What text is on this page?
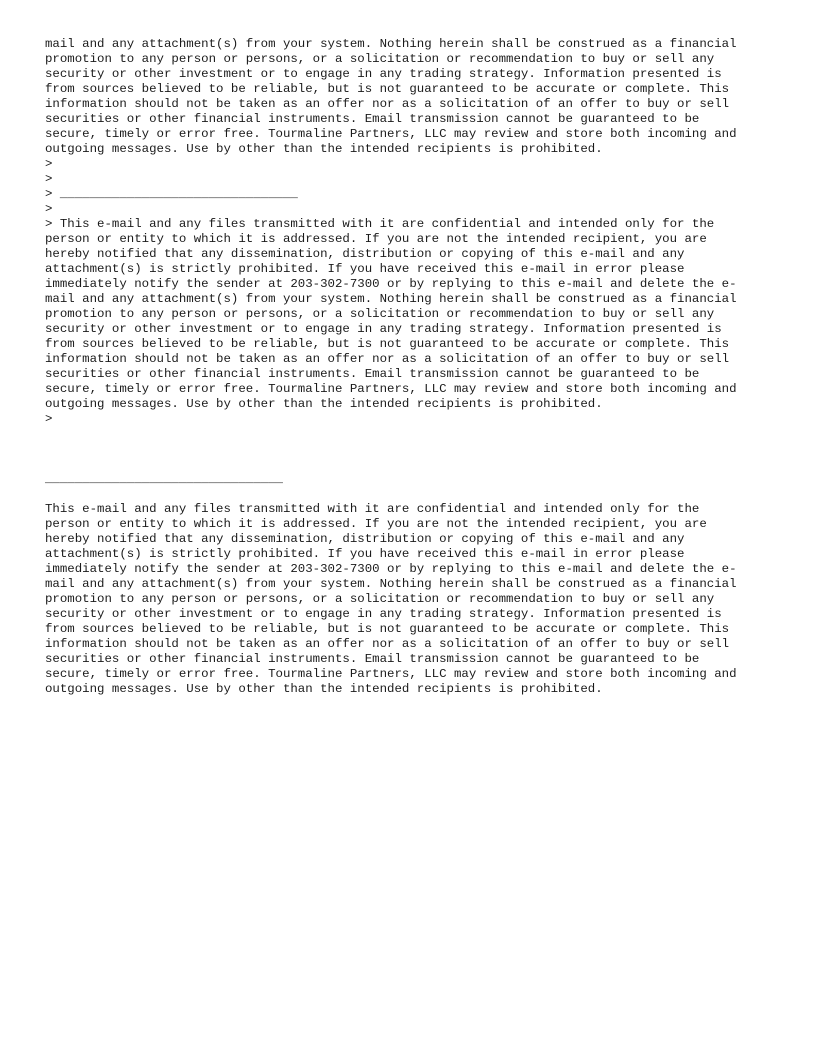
mail and any attachment(s) from your system. Nothing herein shall be construed as a financial
promotion to any person or persons, or a solicitation or recommendation to buy or sell any
security or other investment or to engage in any trading strategy. Information presented is
from sources believed to be reliable, but is not guaranteed to be accurate or complete. This
information should not be taken as an offer nor as a solicitation of an offer to buy or sell
securities or other financial instruments. Email transmission cannot be guaranteed to be
secure, timely or error free. Tourmaline Partners, LLC may review and store both incoming and
outgoing messages. Use by other than the intended recipients is prohibited.
>
>
> ________________________________
>
> This e-mail and any files transmitted with it are confidential and intended only for the
person or entity to which it is addressed. If you are not the intended recipient, you are
hereby notified that any dissemination, distribution or copying of this e-mail and any
attachment(s) is strictly prohibited. If you have received this e-mail in error please
immediately notify the sender at 203-302-7300 or by replying to this e-mail and delete the e-
mail and any attachment(s) from your system. Nothing herein shall be construed as a financial
promotion to any person or persons, or a solicitation or recommendation to buy or sell any
security or other investment or to engage in any trading strategy. Information presented is
from sources believed to be reliable, but is not guaranteed to be accurate or complete. This
information should not be taken as an offer nor as a solicitation of an offer to buy or sell
securities or other financial instruments. Email transmission cannot be guaranteed to be
secure, timely or error free. Tourmaline Partners, LLC may review and store both incoming and
outgoing messages. Use by other than the intended recipients is prohibited.
>
________________________________
This e-mail and any files transmitted with it are confidential and intended only for the
person or entity to which it is addressed. If you are not the intended recipient, you are
hereby notified that any dissemination, distribution or copying of this e-mail and any
attachment(s) is strictly prohibited. If you have received this e-mail in error please
immediately notify the sender at 203-302-7300 or by replying to this e-mail and delete the e-
mail and any attachment(s) from your system. Nothing herein shall be construed as a financial
promotion to any person or persons, or a solicitation or recommendation to buy or sell any
security or other investment or to engage in any trading strategy. Information presented is
from sources believed to be reliable, but is not guaranteed to be accurate or complete. This
information should not be taken as an offer nor as a solicitation of an offer to buy or sell
securities or other financial instruments. Email transmission cannot be guaranteed to be
secure, timely or error free. Tourmaline Partners, LLC may review and store both incoming and
outgoing messages. Use by other than the intended recipients is prohibited.
